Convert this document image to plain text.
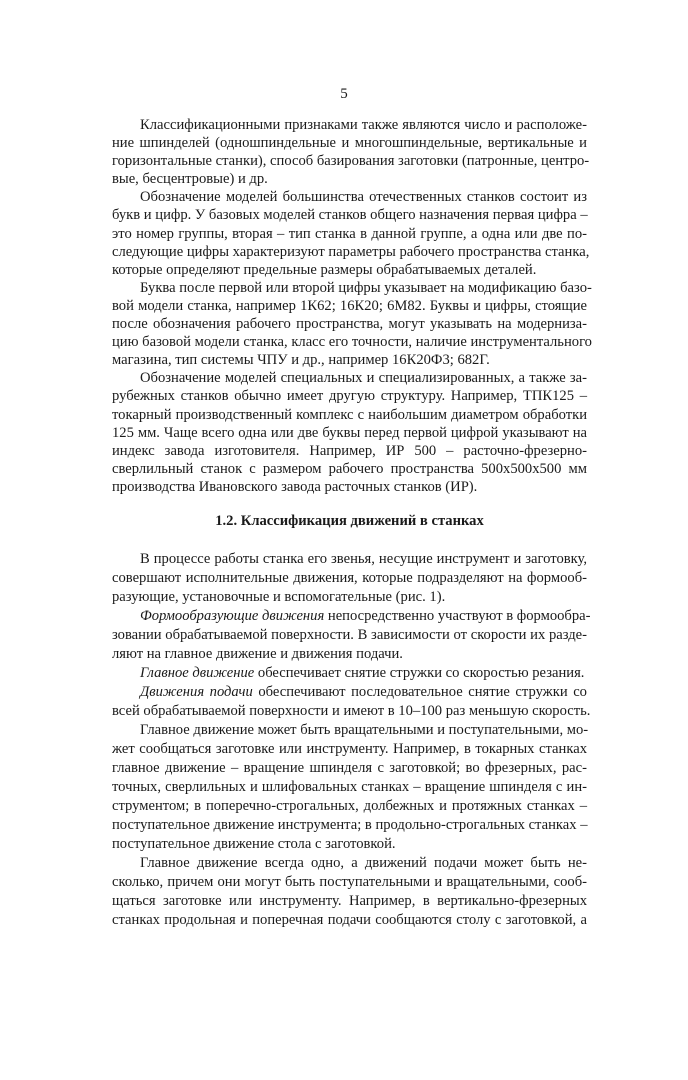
5
Классификационными признаками также являются число и расположе-
ние шпинделей (одношпиндельные и многошпиндельные, вертикальные и
горизонтальные станки), способ базирования заготовки (патронные, центро-
вые, бесцентровые) и др.
Обозначение моделей большинства отечественных станков состоит из
букв и цифр. У базовых моделей станков общего назначения первая цифра –
это номер группы, вторая – тип станка в данной группе, а одна или две по-
следующие цифры характеризуют параметры рабочего пространства станка,
которые определяют предельные размеры обрабатываемых деталей.
Буква после первой или второй цифры указывает на модификацию базо-
вой модели станка, например 1К62; 16К20; 6М82. Буквы и цифры, стоящие
после обозначения рабочего пространства, могут указывать на модерниза-
цию базовой модели станка, класс его точности, наличие инструментального
магазина, тип системы ЧПУ и др., например 16К20Ф3; 682Г.
Обозначение моделей специальных и специализированных, а также за-
рубежных станков обычно имеет другую структуру. Например, ТПК125 –
токарный производственный комплекс с наибольшим диаметром обработки
125 мм. Чаще всего одна или две буквы перед первой цифрой указывают на
индекс завода изготовителя. Например, ИР 500 – расточно-фрезерно-
сверлильный станок с размером рабочего пространства 500х500х500 мм
производства Ивановского завода расточных станков (ИР).
1.2. Классификация движений в станках
В процессе работы станка его звенья, несущие инструмент и заготовку,
совершают исполнительные движения, которые подразделяют на формооб-
разующие, установочные и вспомогательные (рис. 1).
Формообразующие движения непосредственно участвуют в формообра-
зовании обрабатываемой поверхности. В зависимости от скорости их разде-
ляют на главное движение и движения подачи.
Главное движение обеспечивает снятие стружки со скоростью резания.
Движения подачи обеспечивают последовательное снятие стружки со
всей обрабатываемой поверхности и имеют в 10–100 раз меньшую скорость.
Главное движение может быть вращательными и поступательными, мо-
жет сообщаться заготовке или инструменту. Например, в токарных станках
главное движение – вращение шпинделя с заготовкой; во фрезерных, рас-
точных, сверлильных и шлифовальных станках – вращение шпинделя с ин-
струментом; в поперечно-строгальных, долбежных и протяжных станках –
поступательное движение инструмента; в продольно-строгальных станках –
поступательное движение стола с заготовкой.
Главное движение всегда одно, а движений подачи может быть не-
сколько, причем они могут быть поступательными и вращательными, сооб-
щаться заготовке или инструменту. Например, в вертикально-фрезерных
станках продольная и поперечная подачи сообщаются столу с заготовкой, а
